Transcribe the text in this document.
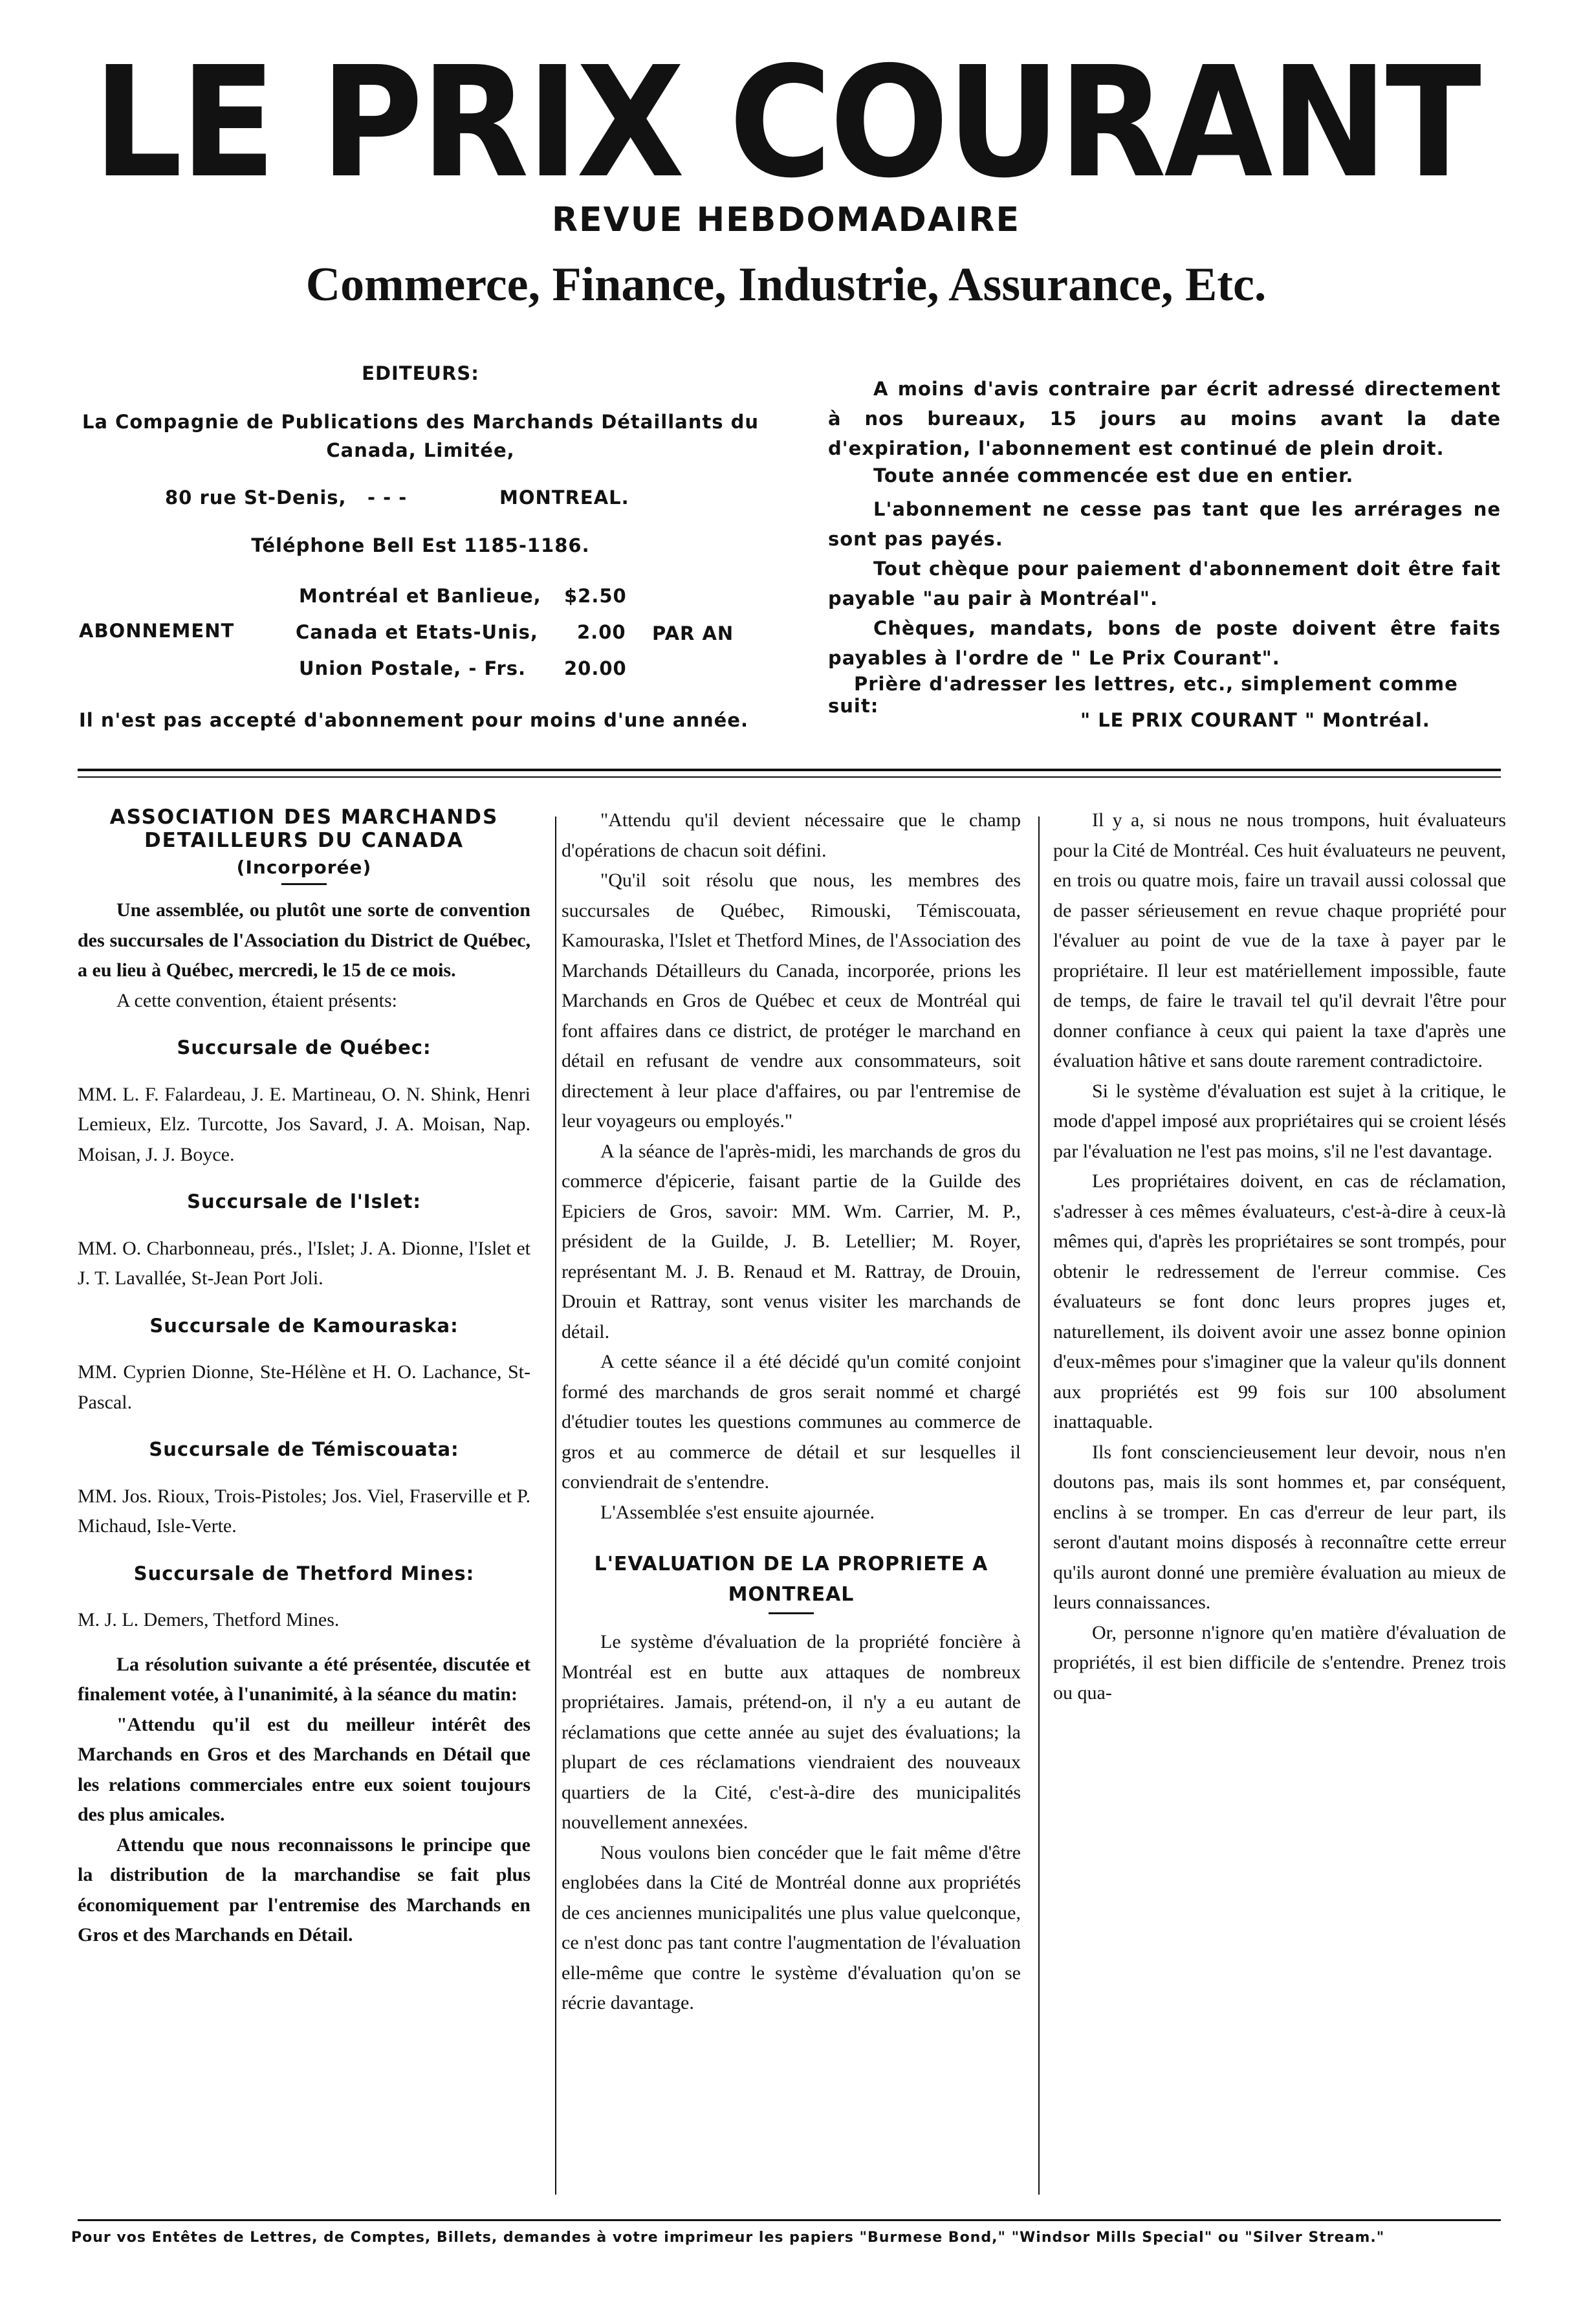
LE PRIX COURANT
REVUE HEBDOMADAIRE
Commerce, Finance, Industrie, Assurance, Etc.
EDITEURS:
La Compagnie de Publications des Marchands Détaillants du Canada, Limitée,
80 rue St-Denis, - - -	MONTREAL.
Téléphone Bell Est 1185-1186.
ABONNEMENT	PAR AN
Montréal et Banlieue, $2.50
Canada et Etats-Unis, 2.00
Union Postale, - Frs. 20.00
Il n'est pas accepté d'abonnement pour moins d'une année.
A moins d'avis contraire par écrit adressé directement à nos bureaux, 15 jours au moins avant la date d'expiration, l'abonnement est continué de plein droit.
Toute année commencée est due en entier.
L'abonnement ne cesse pas tant que les arrérages ne sont pas payés.
Tout chèque pour paiement d'abonnement doit être fait payable "au pair à Montréal".
Chèques, mandats, bons de poste doivent être faits payables à l'ordre de " Le Prix Courant".
Prière d'adresser les lettres, etc., simplement comme suit:
" LE PRIX COURANT " Montréal.
ASSOCIATION DES MARCHANDS DETAILLEURS DU CANADA
(Incorporée)

Une assemblée, ou plutôt une sorte de convention des succursales de l'Association du District de Québec, a eu lieu à Québec, mercredi, le 15 de ce mois.

A cette convention, étaient présents:

Succursale de Québec:

MM. L. F. Falardeau, J. E. Martineau, O. N. Shink, Henri Lemieux, Elz. Turcotte, Jos Savard, J. A. Moisan, Nap. Moisan, J. J. Boyce.

Succursale de l'Islet:

MM. O. Charbonneau, prés., l'Islet; J. A. Dionne, l'Islet et J. T. Lavallée, St-Jean Port Joli.

Succursale de Kamouraska:

MM. Cyprien Dionne, Ste-Hélène et H. O. Lachance, St-Pascal.

Succursale de Témiscouata:

MM. Jos. Rioux, Trois-Pistoles; Jos. Viel, Fraserville et P. Michaud, Isle-Verte.

Succursale de Thetford Mines:

M. J. L. Demers, Thetford Mines.

La résolution suivante a été présentée, discutée et finalement votée, à l'unanimité, à la séance du matin:

"Attendu qu'il est du meilleur intérêt des Marchands en Gros et des Marchands en Détail que les relations commerciales entre eux soient toujours des plus amicales.

Attendu que nous reconnaissons le principe que la distribution de la marchandise se fait plus économiquement par l'entremise des Marchands en Gros et des Marchands en Détail.

"Attendu qu'il devient nécessaire que le champ d'opérations de chacun soit défini.

"Qu'il soit résolu que nous, les membres des succursales de Québec, Rimouski, Témiscouata, Kamouraska, l'Islet et Thetford Mines, de l'Association des Marchands Détailleurs du Canada, incorporée, prions les Marchands en Gros de Québec et ceux de Montréal qui font affaires dans ce district, de protéger le marchand en détail en refusant de vendre aux consommateurs, soit directement à leur place d'affaires, ou par l'entremise de leur voyageurs ou employés."

A la séance de l'après-midi, les marchands de gros du commerce d'épicerie, faisant partie de la Guilde des Epiciers de Gros, savoir: MM. Wm. Carrier, M. P., président de la Guilde, J. B. Letellier; M. Royer, représentant M. J. B. Renaud et M. Rattray, de Drouin, Drouin et Rattray, sont venus visiter les marchands de détail.

A cette séance il a été décidé qu'un comité conjoint formé des marchands de gros serait nommé et chargé d'étudier toutes les questions communes au commerce de gros et au commerce de détail et sur lesquelles il conviendrait de s'entendre.

L'Assemblée s'est ensuite ajournée.

L'EVALUATION DE LA PROPRIETE A MONTREAL

Le système d'évaluation de la propriété foncière à Montréal est en butte aux attaques de nombreux propriétaires. Jamais, prétend-on, il n'y a eu autant de réclamations que cette année au sujet des évaluations; la plupart de ces réclamations viendraient des nouveaux quartiers de la Cité, c'est-à-dire des municipalités nouvellement annexées.

Nous voulons bien concéder que le fait même d'être englobées dans la Cité de Montréal donne aux propriétés de ces anciennes municipalités une plus value quelconque, ce n'est donc pas tant contre l'augmentation de l'évaluation elle-même que contre le système d'évaluation qu'on se récrie davantage.

Il y a, si nous ne nous trompons, huit évaluateurs pour la Cité de Montréal. Ces huit évaluateurs ne peuvent, en trois ou quatre mois, faire un travail aussi colossal que de passer sérieusement en revue chaque propriété pour l'évaluer au point de vue de la taxe à payer par le propriétaire. Il leur est matériellement impossible, faute de temps, de faire le travail tel qu'il devrait l'être pour donner confiance à ceux qui paient la taxe d'après une évaluation hâtive et sans doute rarement contradictoire.

Si le système d'évaluation est sujet à la critique, le mode d'appel imposé aux propriétaires qui se croient lésés par l'évaluation ne l'est pas moins, s'il ne l'est davantage.

Les propriétaires doivent, en cas de réclamation, s'adresser à ces mêmes évaluateurs, c'est-à-dire à ceux-là mêmes qui, d'après les propriétaires se sont trompés, pour obtenir le redressement de l'erreur commise. Ces évaluateurs se font donc leurs propres juges et, naturellement, ils doivent avoir une assez bonne opinion d'eux-mêmes pour s'imaginer que la valeur qu'ils donnent aux propriétés est 99 fois sur 100 absolument inattaquable.

Ils font consciencieusement leur devoir, nous n'en doutons pas, mais ils sont hommes et, par conséquent, enclins à se tromper. En cas d'erreur de leur part, ils seront d'autant moins disposés à reconnaître cette erreur qu'ils auront donné une première évaluation au mieux de leurs connaissances.

Or, personne n'ignore qu'en matière d'évaluation de propriétés, il est bien difficile de s'entendre. Prenez trois ou qua-

Pour vos Entêtes de Lettres, de Comptes, Billets, demandes à votre imprimeur les papiers "Burmese Bond," "Windsor Mills Special" ou "Silver Stream."
